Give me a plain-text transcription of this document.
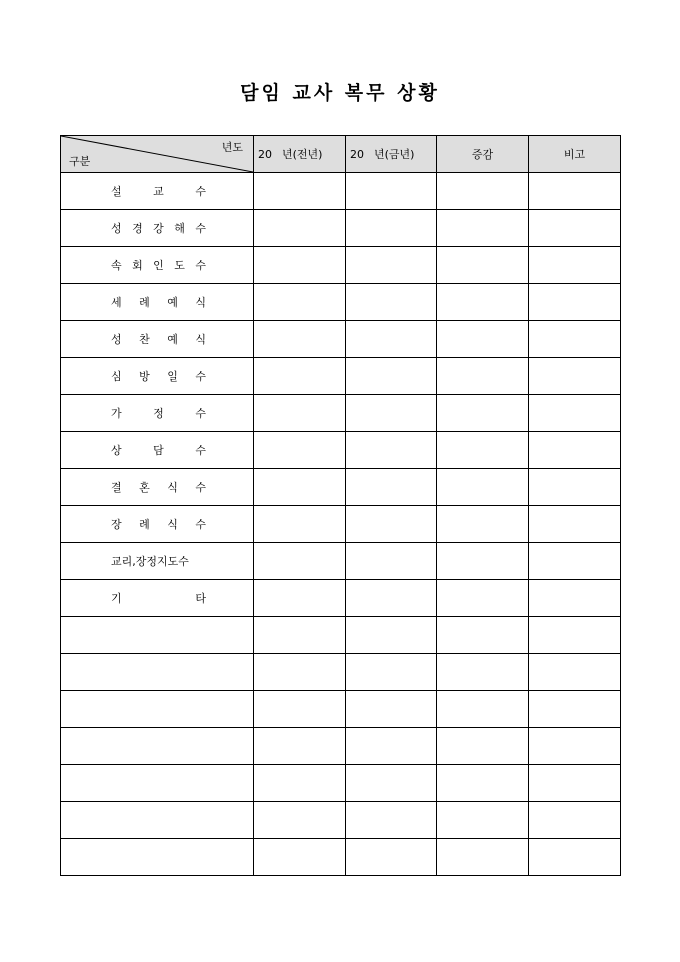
담임 교사 복무 상황
년도
구분	20 년(전년)	20 년(금년)	증감	비고

설 교 수				

성 경 강 해 수				

속 회 인 도 수				

세 례 예 식				

성 찬 예 식				

심 방 일 수				

가 정 수				

상 담 수				

결 혼 식 수				

장 례 식 수				

교리,장정지도수				

기 타				
